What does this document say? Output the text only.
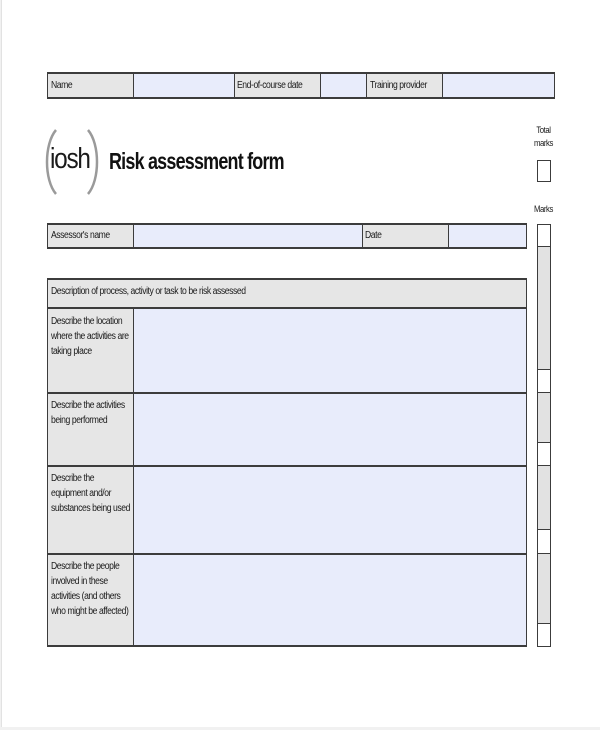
Name	End-of-course date	Training provider
iosh Risk assessment form
Total
marks
Marks
Assessor's name	Date
Description of process, activity or task to be risk assessed
Describe the location
where the activities are
taking place
Describe the activities
being performed
Describe the
equipment and/or
substances being used
Describe the people
involved in these
activities (and others
who might be affected)
